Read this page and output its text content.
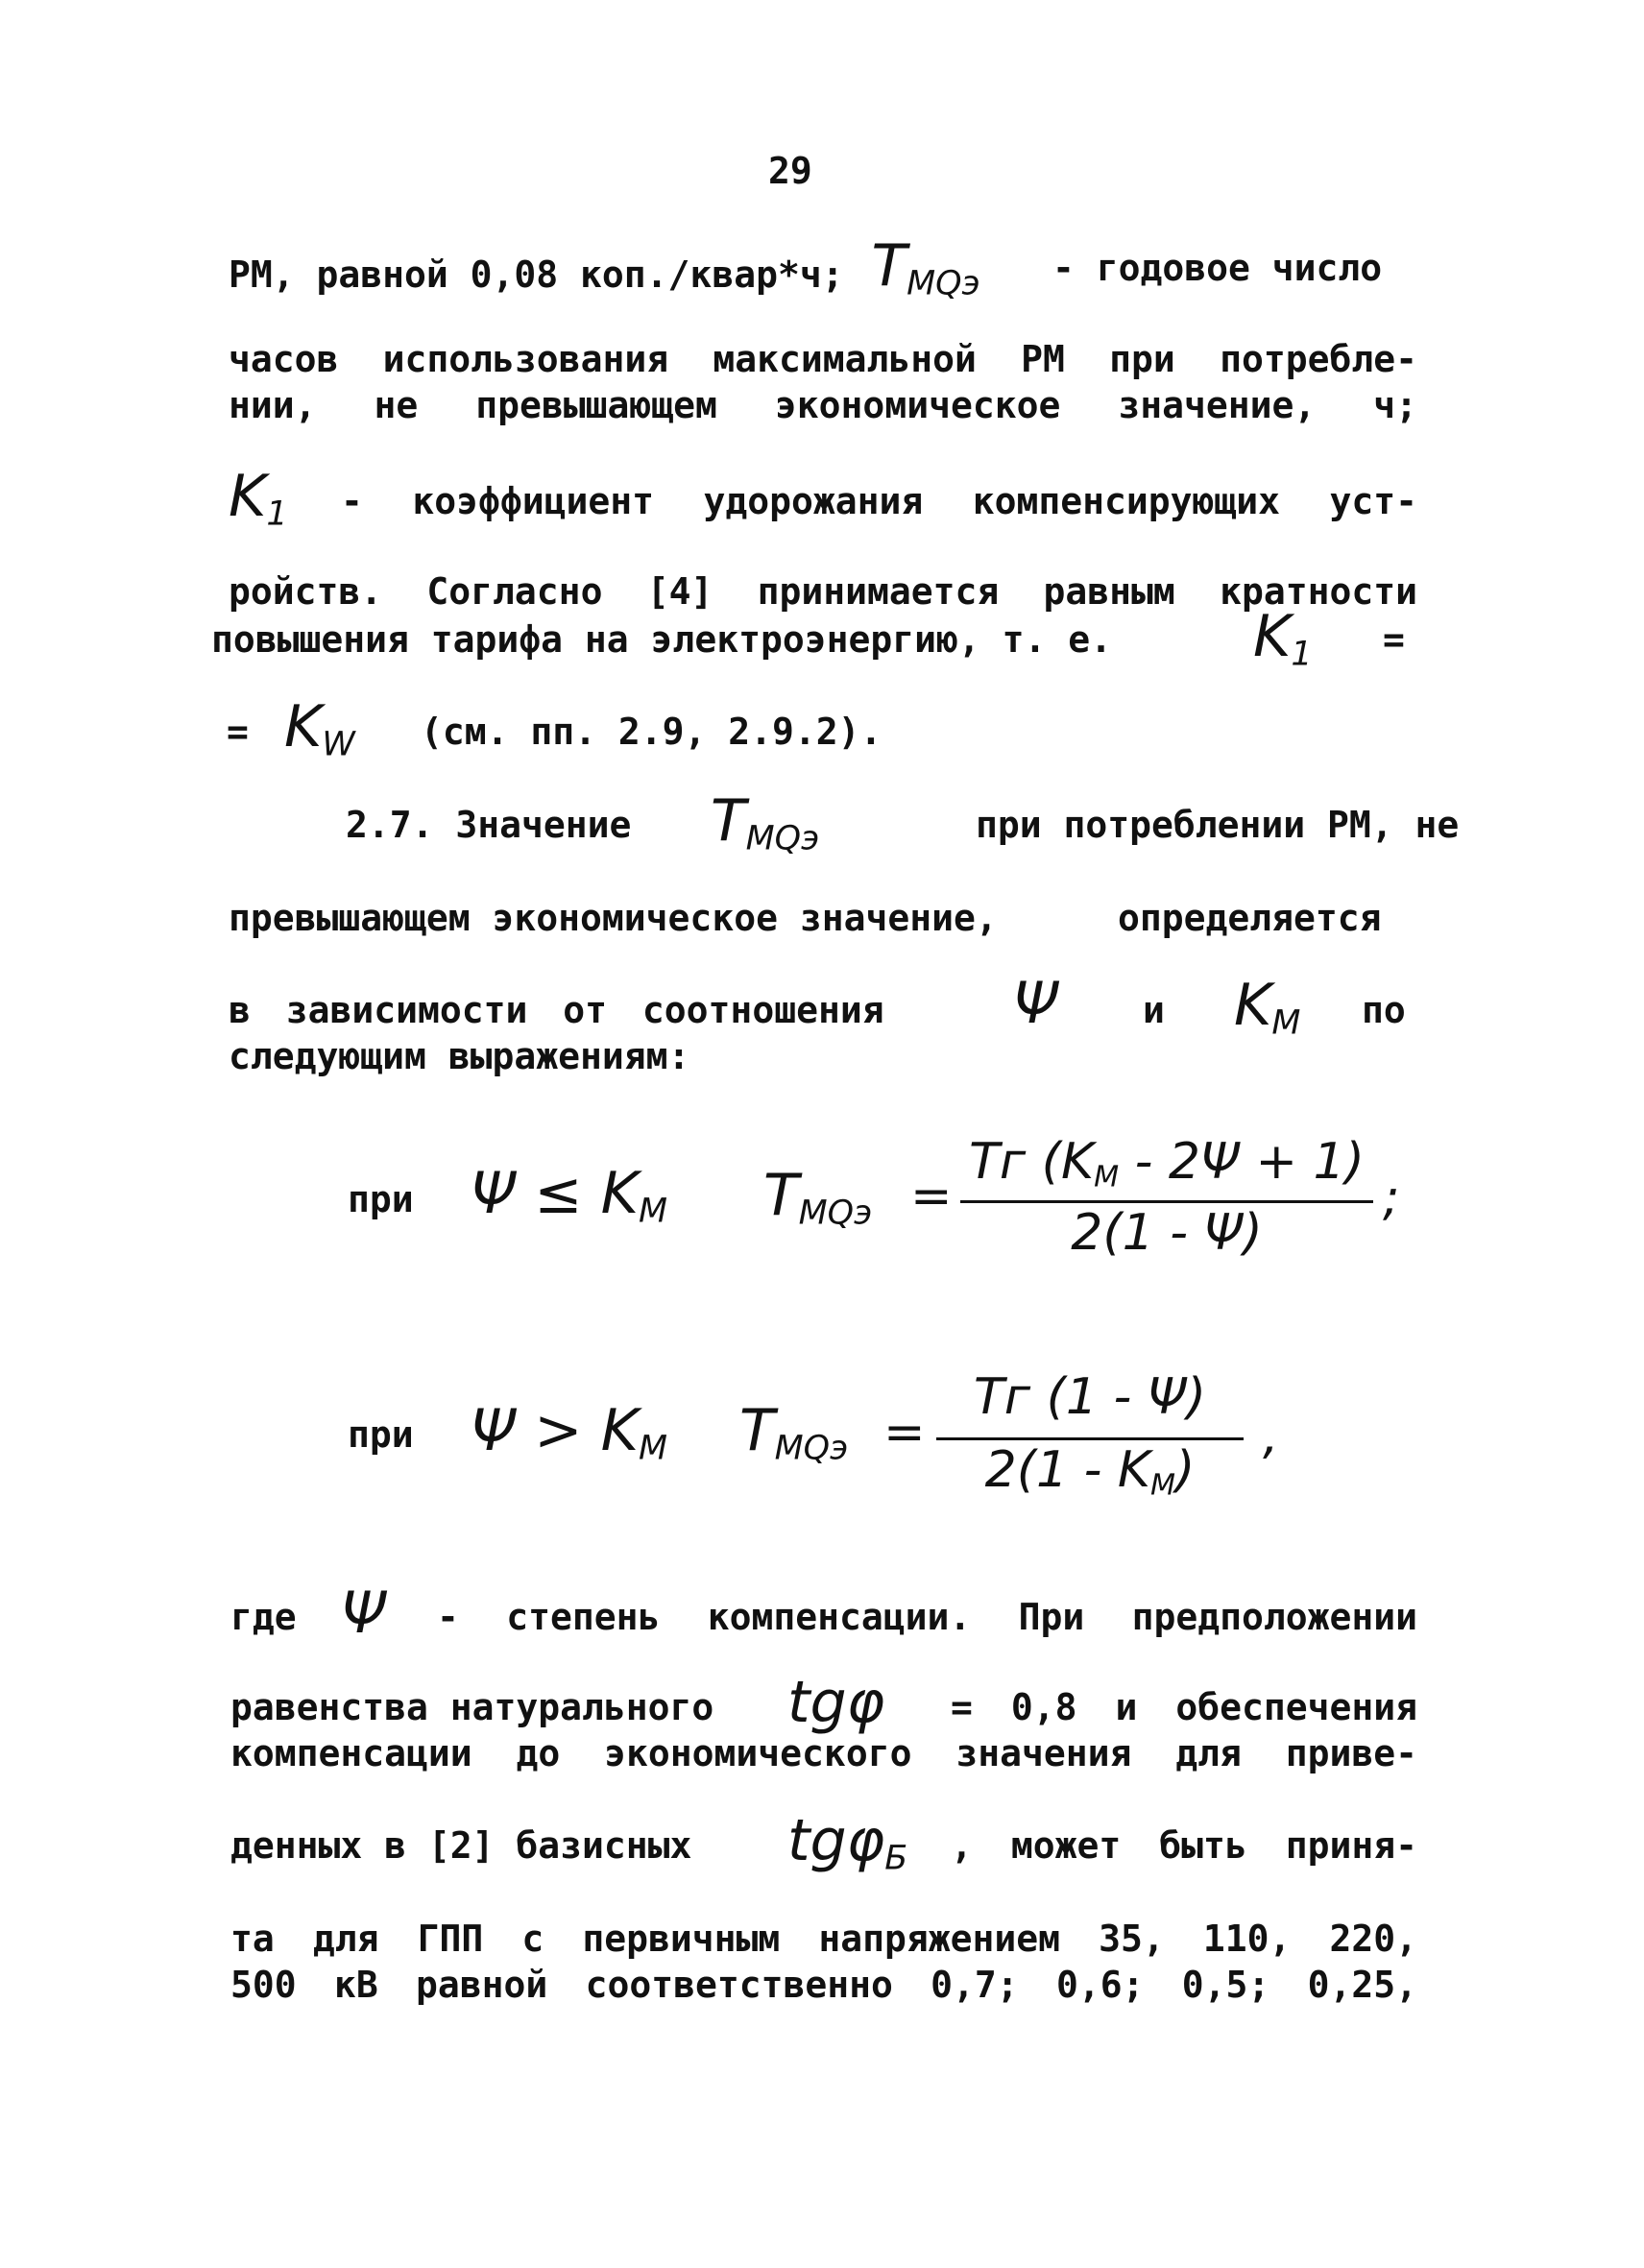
29
РМ, равной 0,08 коп./квар*ч; $T_{MQэ}$	- годовое число
часов использования максимальной РМ при потребле-
нии, не превышающем экономическое значение, ч;
$K_1$ - коэффициент удорожания компенсирующих уст-
ройств. Согласно [4] принимается равным кратности
повышения тарифа на электроэнергию, т. е. $K_1$ =
= $K_W$ (см. пп. 2.9, 2.9.2).
2.7. Значение $T_{MQэ}$	при потреблении РМ, не
превышающем экономическое значение,	определяется
в зависимости от соотношения Ψ и $K_M$ по
следующим выражениям:
при $\Psi \le K_M$ $T_{MQэ}$ =
Tг $(K_M - 2\Psi + 1)$
2(1 - Ψ)
;
при $\Psi > K_M$ $T_{MQэ}$ =
Tг (1 - Ψ)
$2(1 - K_M)$
,
где Ψ - степень компенсации. При предположении
равенства натурального tgφ = 0,8 и обеспечения
компенсации до экономического значения для приве-
денных в [2] базисных tgφ$_Б$ , может быть приня-
та для ГПП с первичным напряжением 35, 110, 220,
500 кВ равной соответственно 0,7; 0,6; 0,5; 0,25,
